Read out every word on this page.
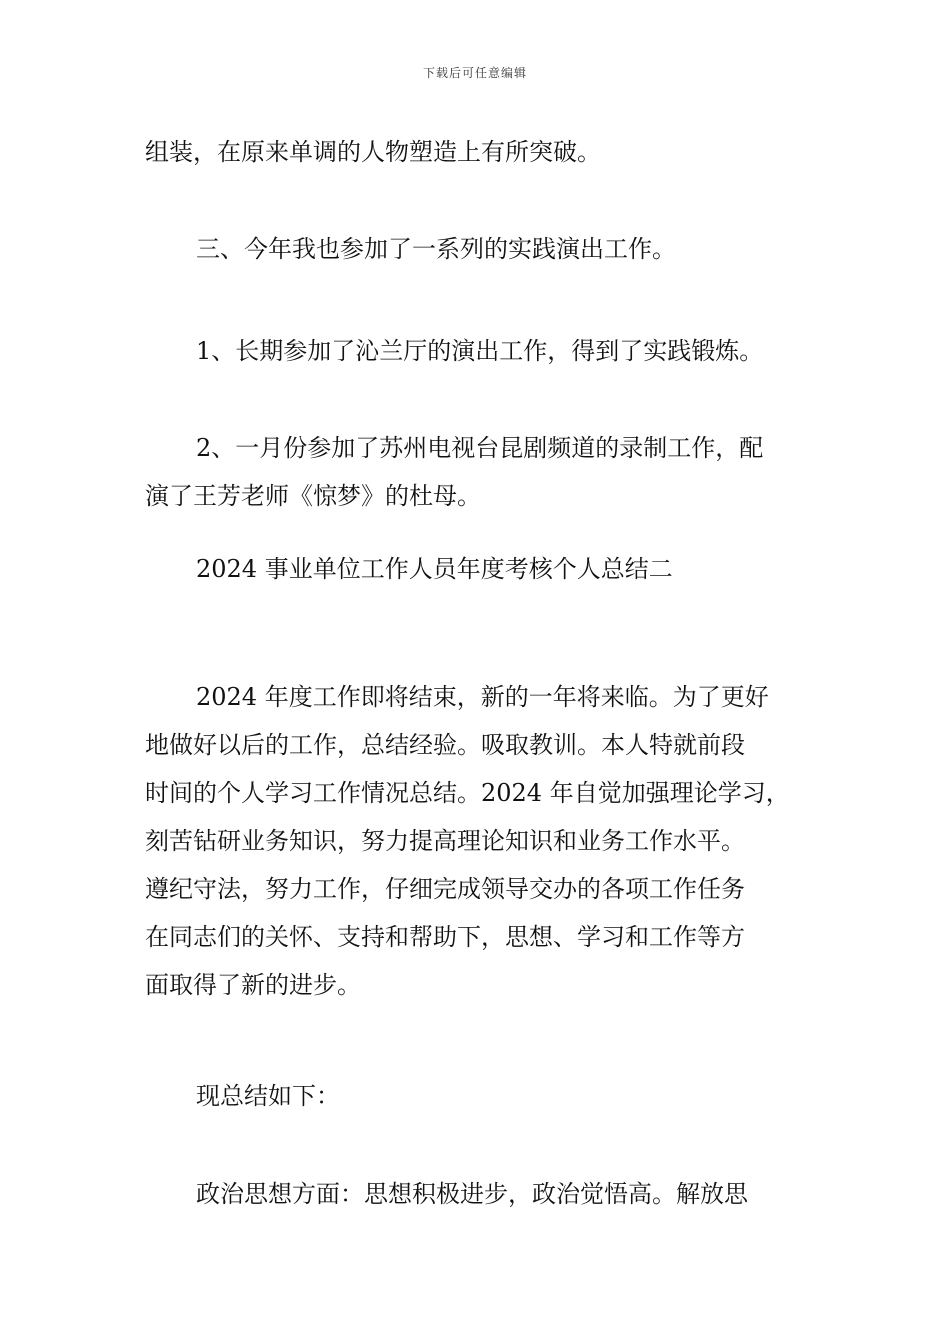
下载后可任意编辑
组装，在原来单调的人物塑造上有所突破。
三、今年我也参加了一系列的实践演出工作。
1、长期参加了沁兰厅的演出工作，得到了实践锻炼。
2、一月份参加了苏州电视台昆剧频道的录制工作，配
演了王芳老师《惊梦》的杜母。
2024 事业单位工作人员年度考核个人总结二
2024 年度工作即将结束，新的一年将来临。为了更好
地做好以后的工作，总结经验。吸取教训。本人特就前段
时间的个人学习工作情况总结。2024 年自觉加强理论学习，
刻苦钻研业务知识，努力提高理论知识和业务工作水平。
遵纪守法，努力工作，仔细完成领导交办的各项工作任务
在同志们的关怀、支持和帮助下，思想、学习和工作等方
面取得了新的进步。
现总结如下：
政治思想方面：思想积极进步，政治觉悟高。解放思
